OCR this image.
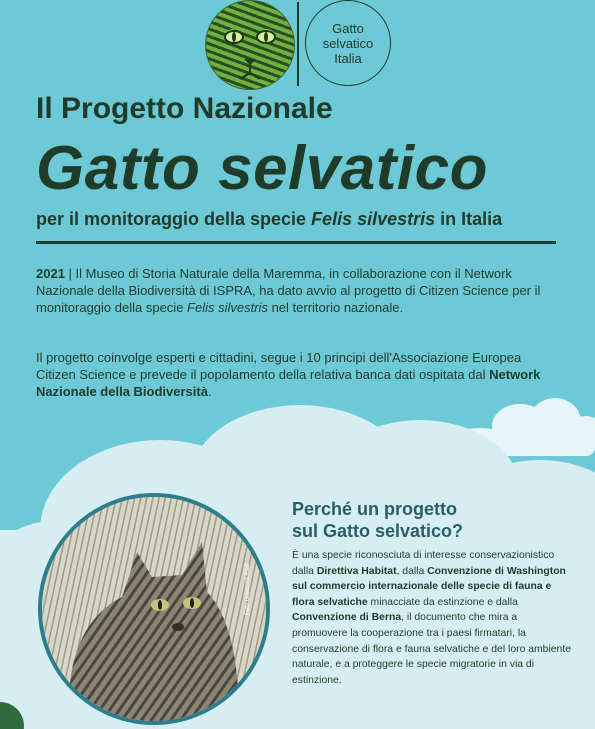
Gatto
selvatico
Italia
Il Progetto Nazionale
Gatto selvatico

per il monitoraggio della specie Felis silvestris in Italia

2021 | Il Museo di Storia Naturale della Maremma, in collaborazione con il Network Nazionale della Biodiversità di ISPRA, ha dato avvio al progetto di Citizen Science per il monitoraggio della specie Felis silvestris nel territorio nazionale.

Il progetto coinvolge esperti e cittadini, segue i 10 principi dell'Associazione Europea Citizen Science e prevede il popolamento della relativa banca dati ospitata dal Network Nazionale della Biodiversità.

Foto Giacomo Radi
Perché un progetto
sul Gatto selvatico?

È una specie riconosciuta di interesse conservazionistico dalla Direttiva Habitat, dalla Convenzione di Washington sul commercio internazionale delle specie di fauna e flora selvatiche minacciate da estinzione e dalla Convenzione di Berna, il documento che mira a promuovere la cooperazione tra i paesi firmatari, la conservazione di flora e fauna selvatiche e del loro ambiente naturale, e a proteggere le specie migratorie in via di estinzione.
